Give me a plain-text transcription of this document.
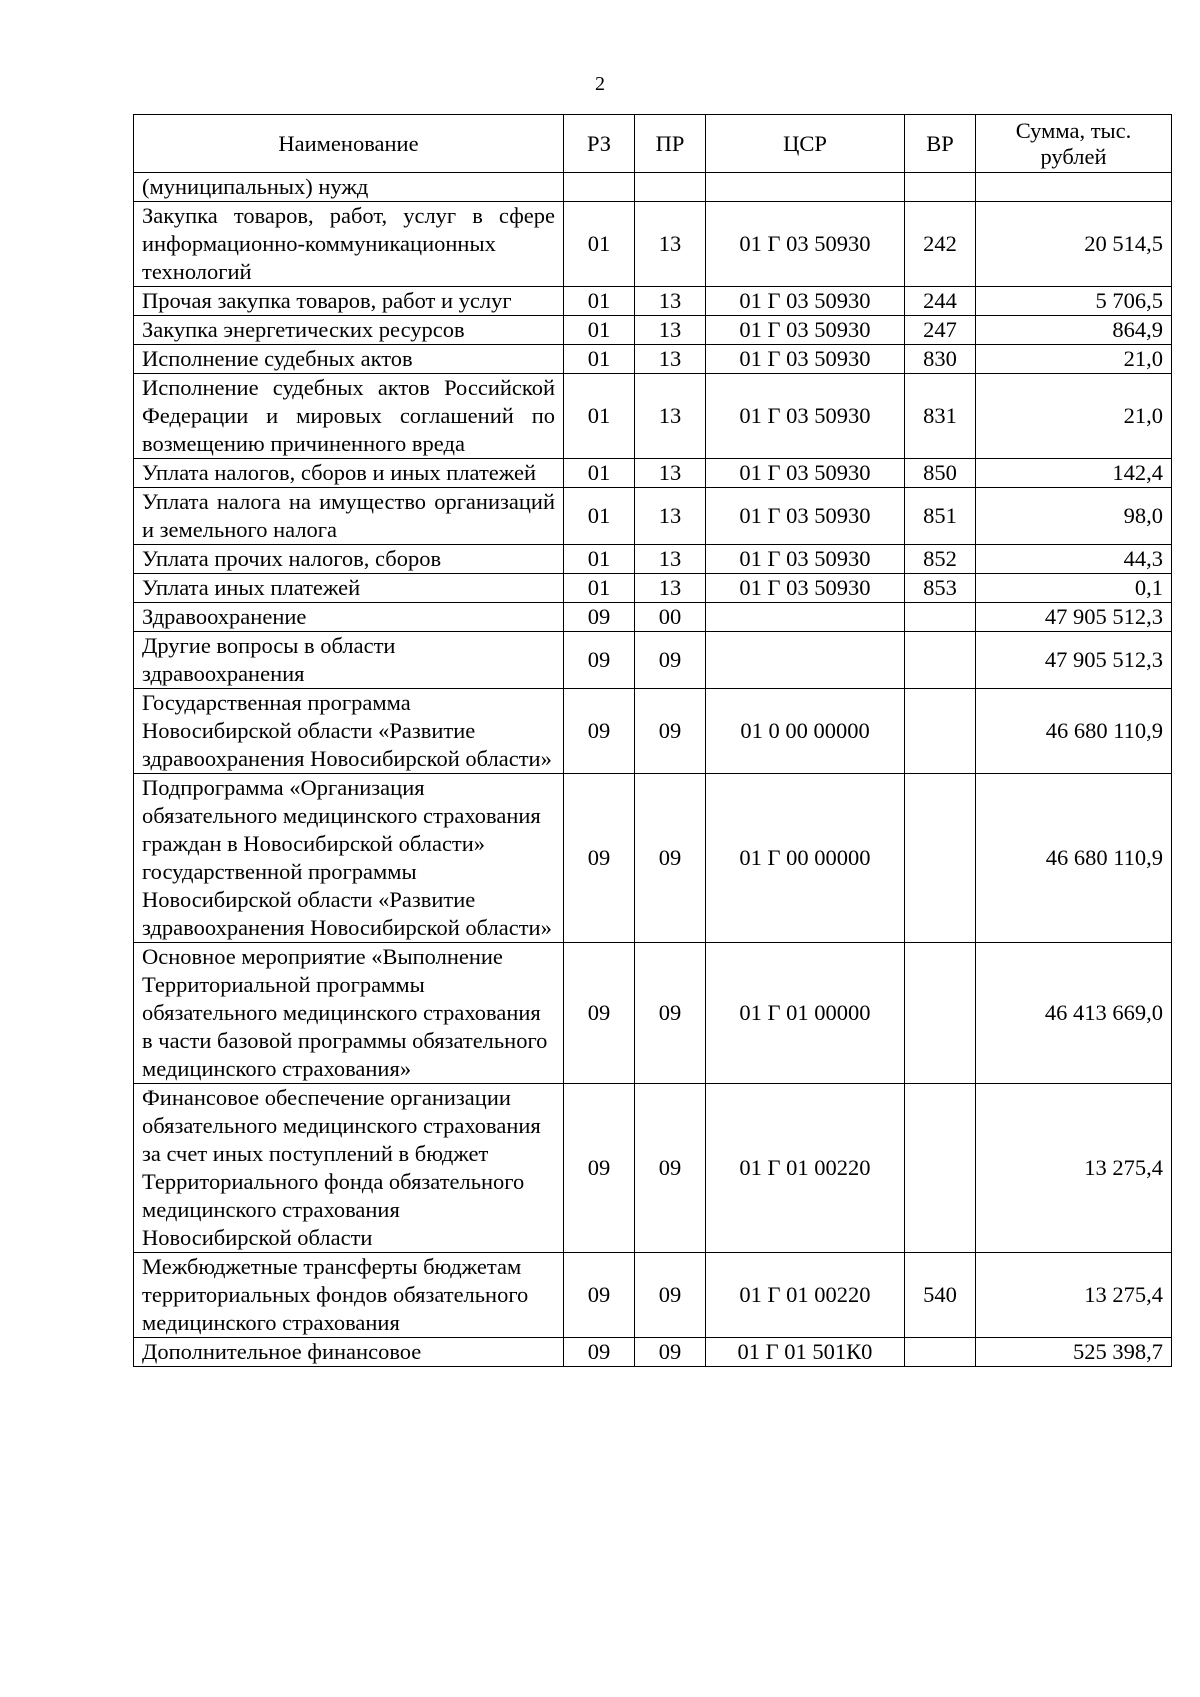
2
Наименование	РЗ	ПР	ЦСР	ВР	Сумма, тыс. рублей
(муниципальных) нужд					
Закупка товаров, работ, услуг в сфере информационно-коммуникационных технологий	01	13	01 Г 03 50930	242	20 514,5
Прочая закупка товаров, работ и услуг	01	13	01 Г 03 50930	244	5 706,5
Закупка энергетических ресурсов	01	13	01 Г 03 50930	247	864,9
Исполнение судебных актов	01	13	01 Г 03 50930	830	21,0
Исполнение судебных актов Российской Федерации и мировых соглашений по возмещению причиненного вреда	01	13	01 Г 03 50930	831	21,0
Уплата налогов, сборов и иных платежей	01	13	01 Г 03 50930	850	142,4
Уплата налога на имущество организаций и земельного налога	01	13	01 Г 03 50930	851	98,0
Уплата прочих налогов, сборов	01	13	01 Г 03 50930	852	44,3
Уплата иных платежей	01	13	01 Г 03 50930	853	0,1
Здравоохранение	09	00			47 905 512,3
Другие вопросы в области здравоохранения	09	09			47 905 512,3
Государственная программа Новосибирской области «Развитие здравоохранения Новосибирской области»	09	09	01 0 00 00000		46 680 110,9
Подпрограмма «Организация обязательного медицинского страхования граждан в Новосибирской области» государственной программы Новосибирской области «Развитие здравоохранения Новосибирской области»	09	09	01 Г 00 00000		46 680 110,9
Основное мероприятие «Выполнение Территориальной программы обязательного медицинского страхования в части базовой программы обязательного медицинского страхования»	09	09	01 Г 01 00000		46 413 669,0
Финансовое обеспечение организации обязательного медицинского страхования за счет иных поступлений в бюджет Территориального фонда обязательного медицинского страхования Новосибирской области	09	09	01 Г 01 00220		13 275,4
Межбюджетные трансферты бюджетам территориальных фондов обязательного медицинского страхования	09	09	01 Г 01 00220	540	13 275,4
Дополнительное финансовое	09	09	01 Г 01 501К0		525 398,7
